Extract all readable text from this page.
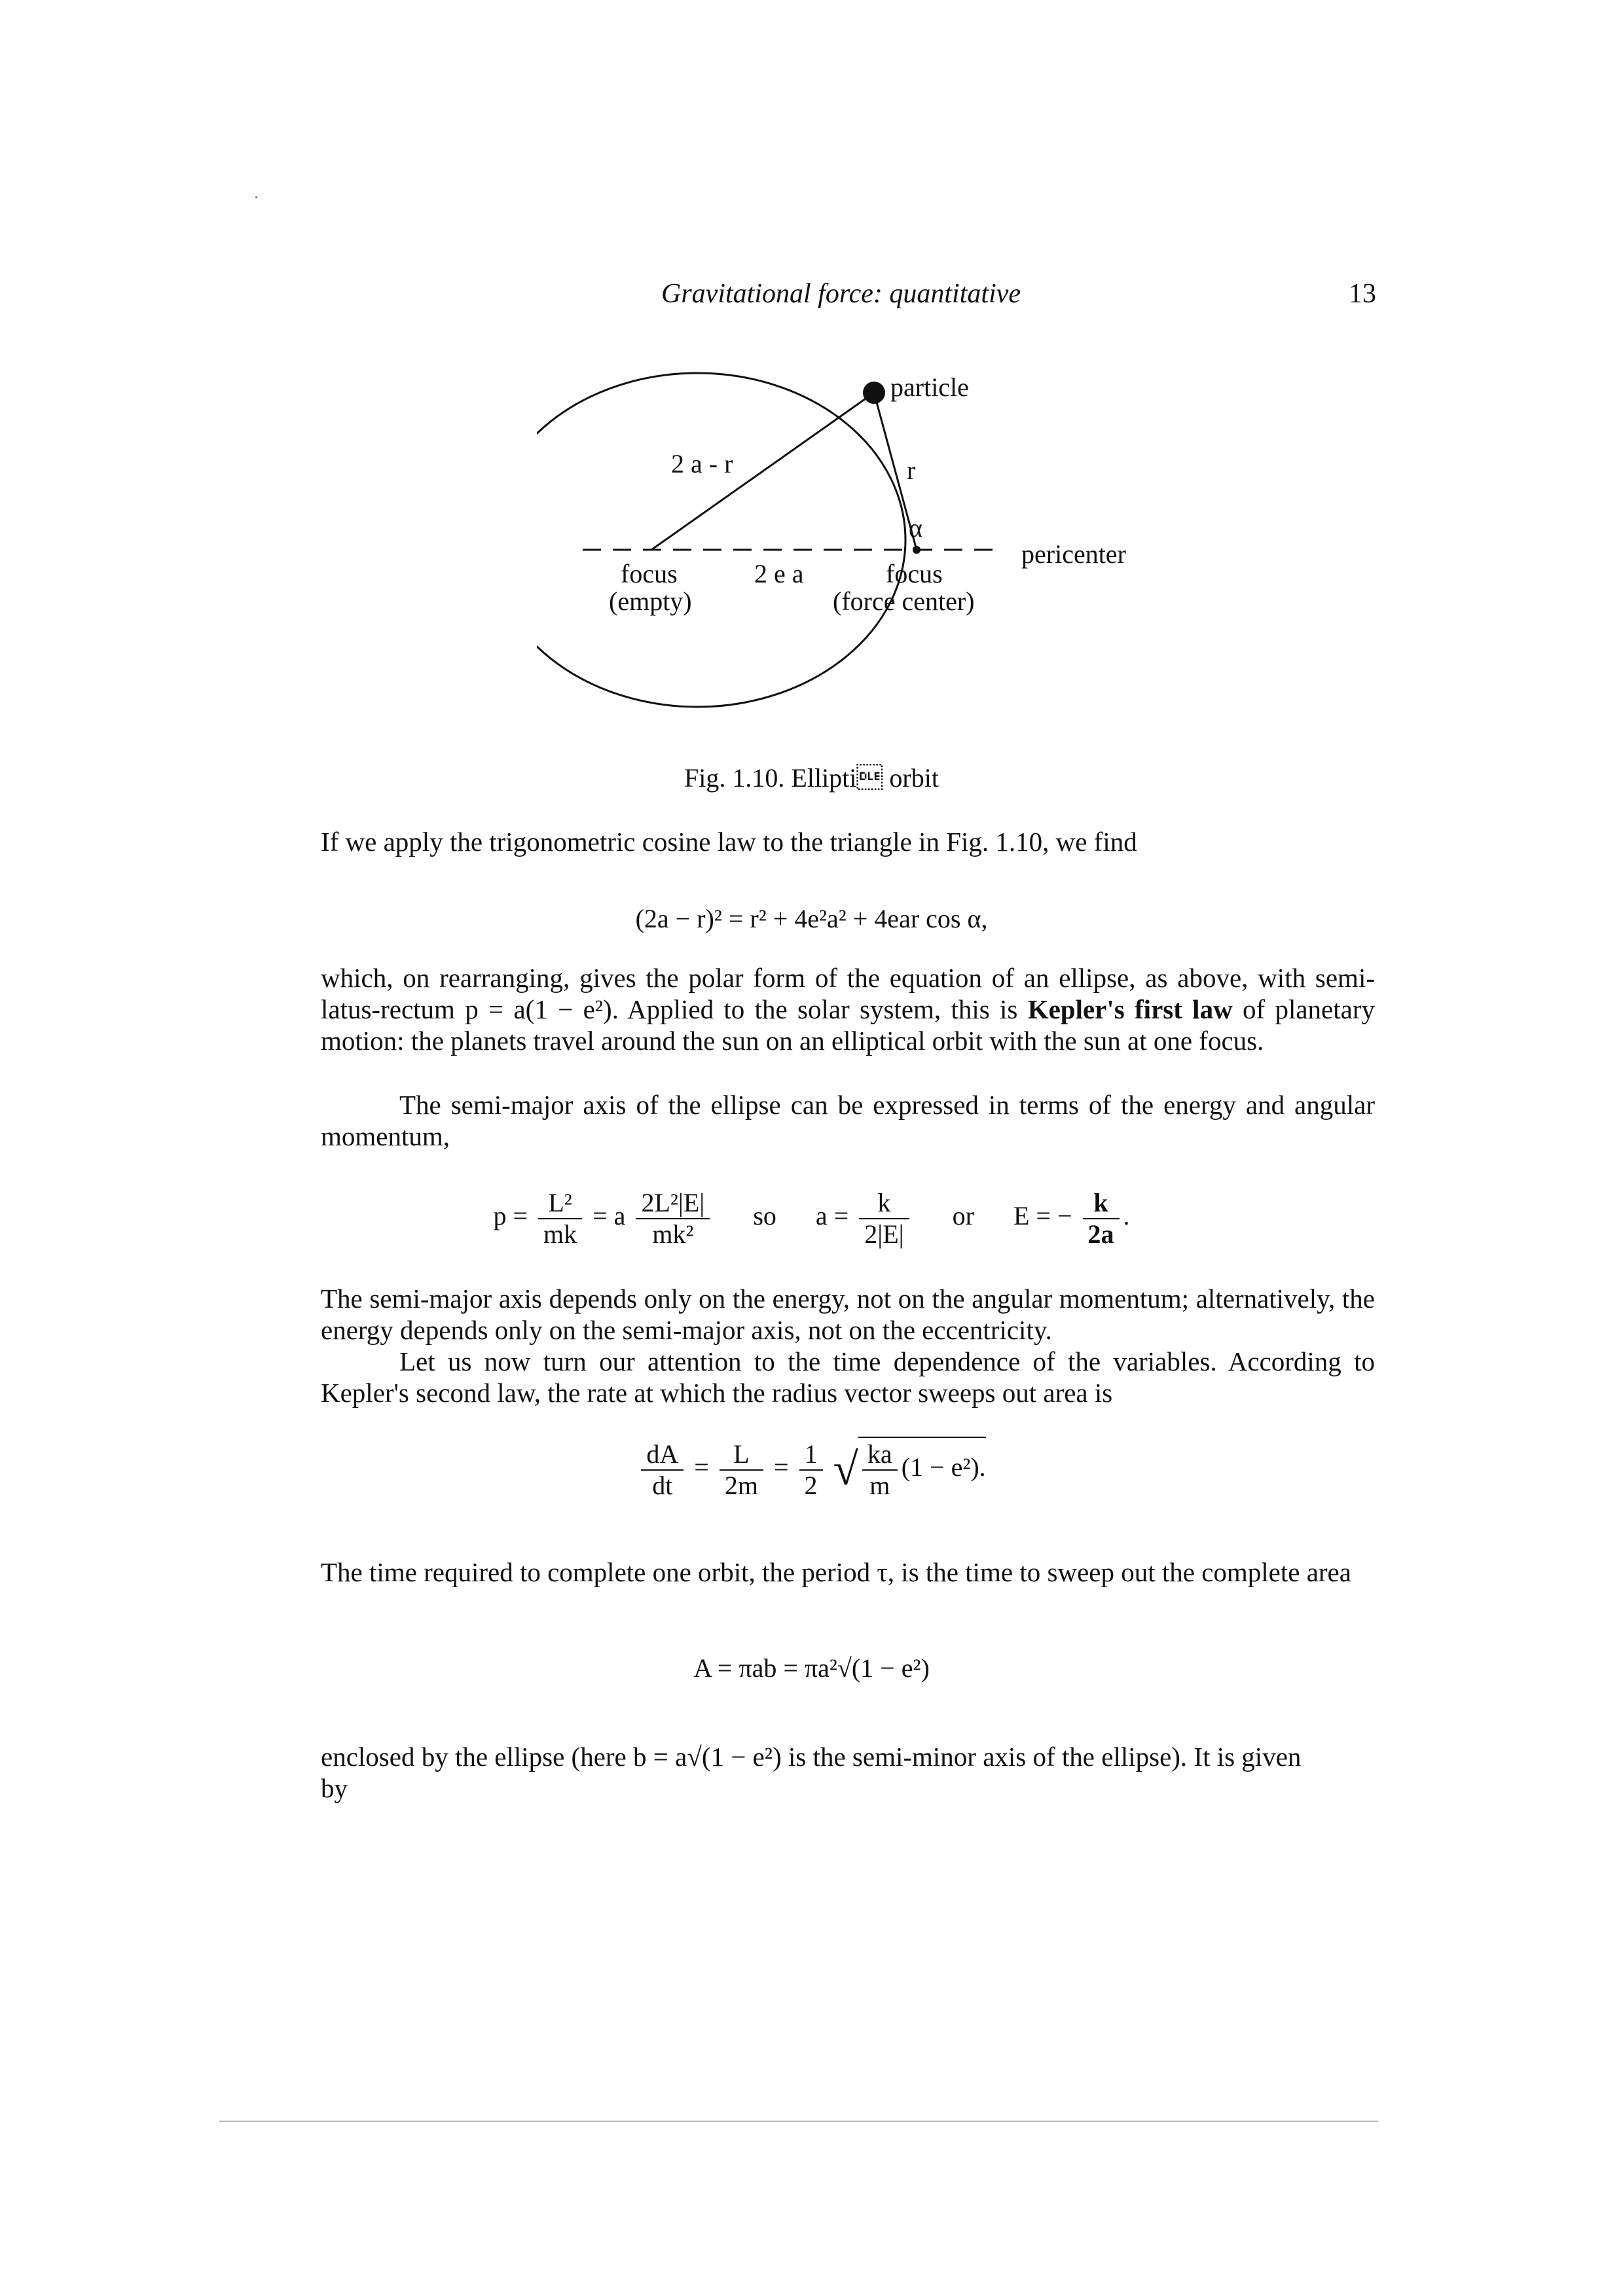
Gravitational force: quantitative	13
particle
2 a - r	r
α
focus
(empty)
2 e a	focus
(force center)
pericenter
Fig. 1.10. Ellipti orbit
If we apply the trigonometric cosine law to the triangle in Fig. 1.10, we find
(2a − r)² = r² + 4e²a² + 4ear cos α,
which, on rearranging, gives the polar form of the equation of an ellipse, as above, with semi-latus-rectum p = a(1 − e²). Applied to the solar system, this is Kepler's first law of planetary motion: the planets travel around the sun on an elliptical orbit with the sun at one focus.
The semi-major axis of the ellipse can be expressed in terms of the energy and angular momentum,
$p = \frac{\text{L²}}{mk} = a \frac{\text{2L²|E|}}{\text{mk²}}$ so $a = \frac{k}{2|E|}$ or E = − $\frac{k}{2a}$ .
The semi-major axis depends only on the energy, not on the angular momentum; alternatively, the energy depends only on the semi-major axis, not on the eccentricity.
Let us now turn our attention to the time dependence of the variables. According to Kepler's second law, the rate at which the radius vector sweeps out area is
$\frac{dA}{dt} = \frac{L}{2m} = \frac{1}{2}$ √ $\frac{ka}{m} (1 - e^2)$.
The time required to complete one orbit, the period τ, is the time to sweep out the complete area
A = πab = πa²√(1 − e²)
enclosed by the ellipse (here b = a√(1 − e²) is the semi-minor axis of the ellipse). It is given
by
